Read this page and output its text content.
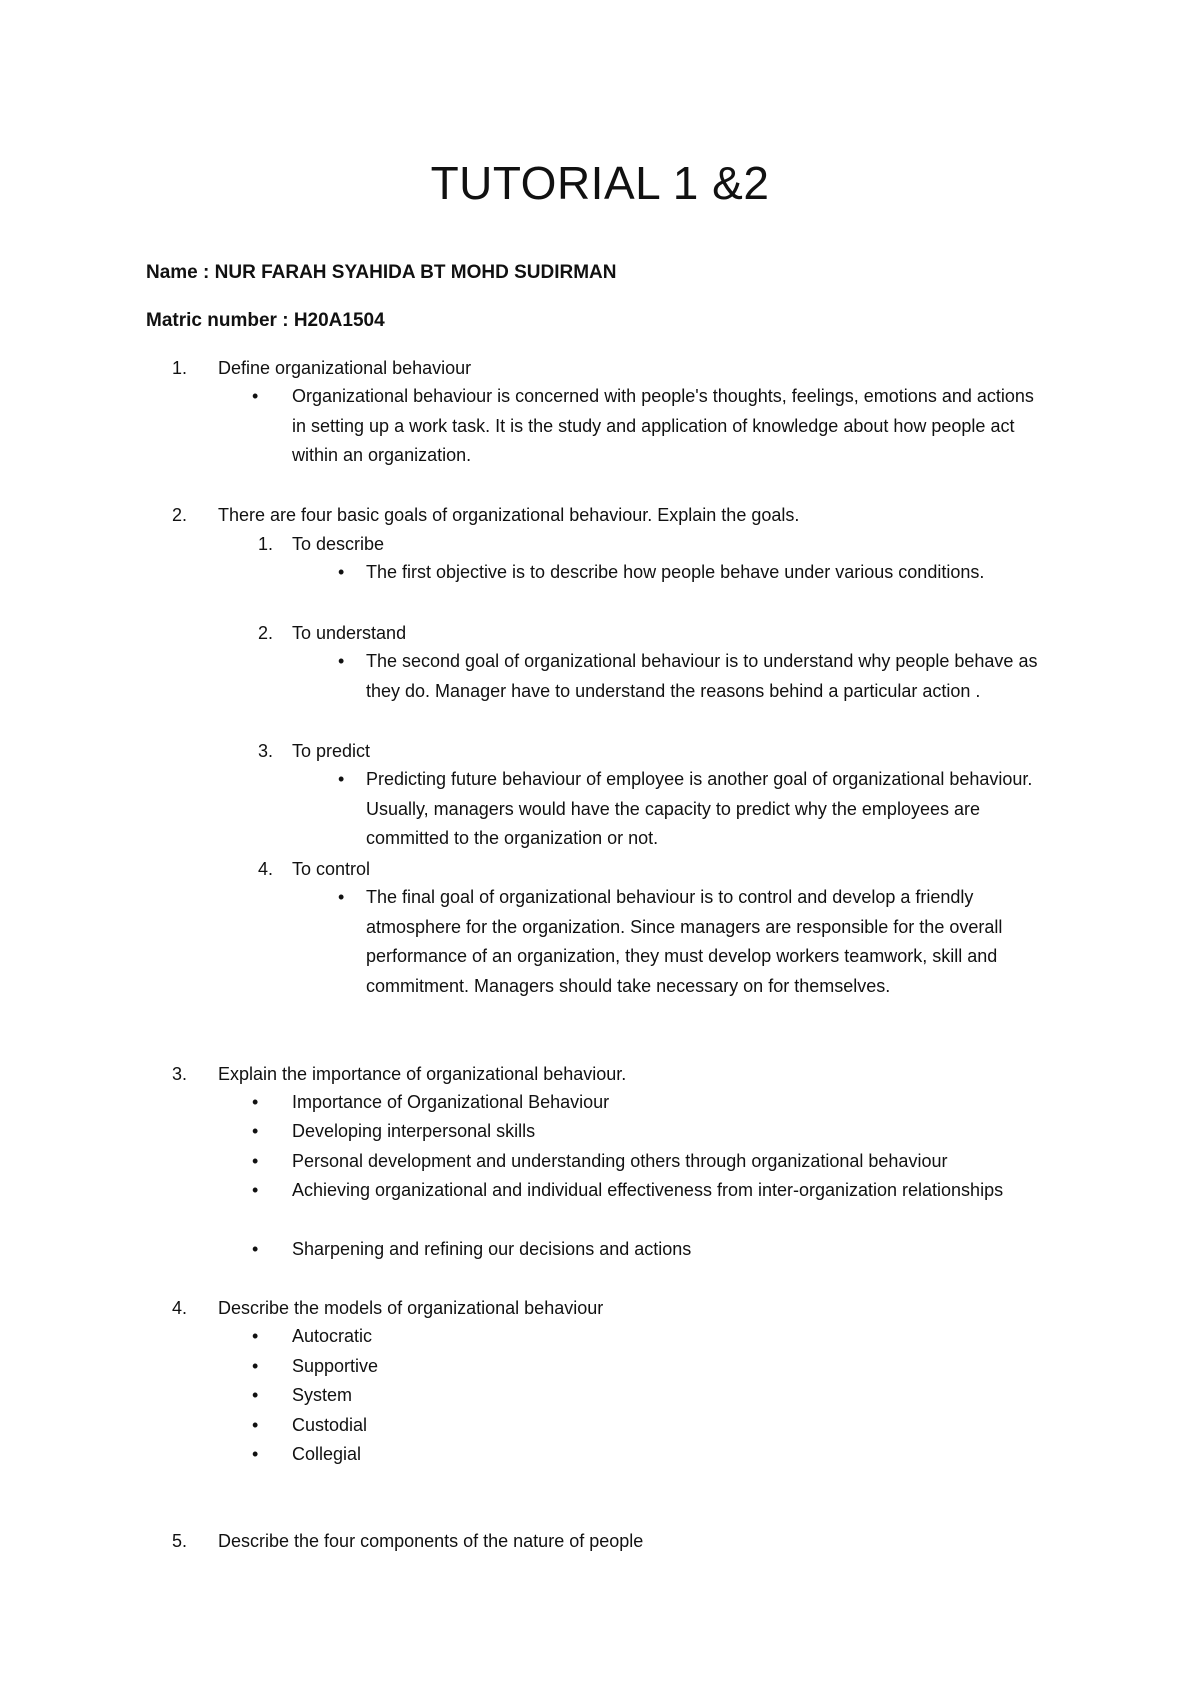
TUTORIAL 1 &2
Name : NUR FARAH SYAHIDA BT MOHD SUDIRMAN
Matric number : H20A1504
1. Define organizational behaviour
• Organizational behaviour is concerned with people's thoughts, feelings, emotions and actions in setting up a work task. It is the study and application of knowledge about how people act within an organization.
2. There are four basic goals of organizational behaviour. Explain the goals.
1. To describe
• The first objective is to describe how people behave under various conditions.
2. To understand
• The second goal of organizational behaviour is to understand why people behave as they do. Manager have to understand the reasons behind a particular action .
3. To predict
• Predicting future behaviour of employee is another goal of organizational behaviour. Usually, managers would have the capacity to predict why the employees are committed to the organization or not.
4. To control
• The final goal of organizational behaviour is to control and develop a friendly atmosphere for the organization. Since managers are responsible for the overall performance of an organization, they must develop workers teamwork, skill and commitment. Managers should take necessary on for themselves.
3. Explain the importance of organizational behaviour.
• Importance of Organizational Behaviour
• Developing interpersonal skills
• Personal development and understanding others through organizational behaviour
• Achieving organizational and individual effectiveness from inter-organization relationships
• Sharpening and refining our decisions and actions
4. Describe the models of organizational behaviour
• Autocratic
• Supportive
• System
• Custodial
• Collegial
5. Describe the four components of the nature of people
